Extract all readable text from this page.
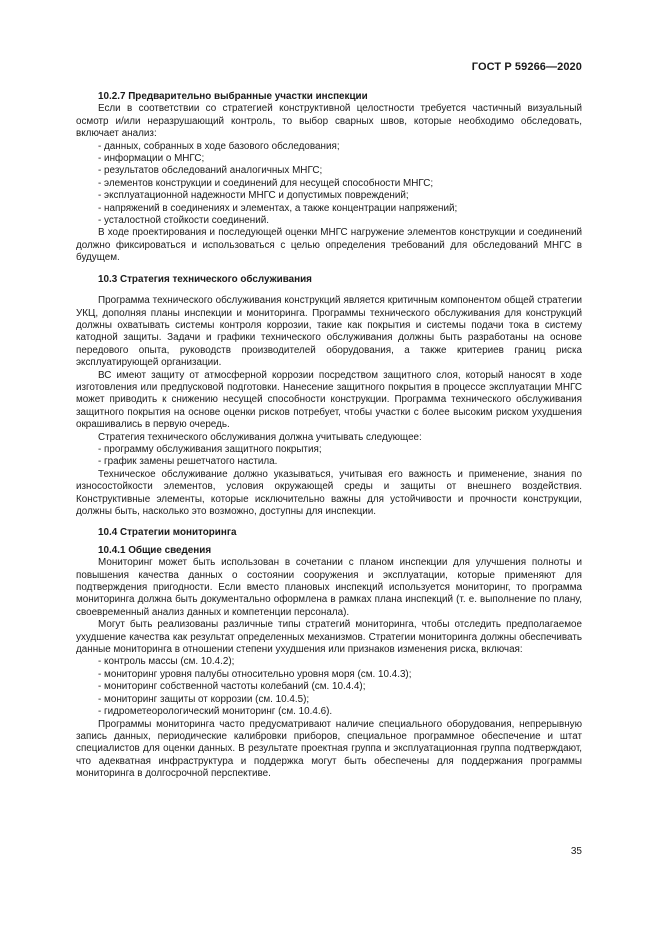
ГОСТ Р 59266—2020
10.2.7 Предварительно выбранные участки инспекции

Если в соответствии со стратегией конструктивной целостности требуется частичный визуальный осмотр и/или неразрушающий контроль, то выбор сварных швов, которые необходимо обследовать, включает анализ:

- данных, собранных в ходе базового обследования;
- информации о МНГС;
- результатов обследований аналогичных МНГС;
- элементов конструкции и соединений для несущей способности МНГС;
- эксплуатационной надежности МНГС и допустимых повреждений;
- напряжений в соединениях и элементах, а также концентрации напряжений;
- усталостной стойкости соединений.

В ходе проектирования и последующей оценки МНГС нагружение элементов конструкции и соединений должно фиксироваться и использоваться с целью определения требований для обследований МНГС в будущем.

10.3 Стратегия технического обслуживания

Программа технического обслуживания конструкций является критичным компонентом общей стратегии УКЦ, дополняя планы инспекции и мониторинга. Программы технического обслуживания для конструкций должны охватывать системы контроля коррозии, такие как покрытия и системы подачи тока в систему катодной защиты. Задачи и графики технического обслуживания должны быть разработаны на основе передового опыта, руководств производителей оборудования, а также критериев границ риска эксплуатирующей организации.

ВС имеют защиту от атмосферной коррозии посредством защитного слоя, который наносят в ходе изготовления или предпусковой подготовки. Нанесение защитного покрытия в процессе эксплуатации МНГС может приводить к снижению несущей способности конструкции. Программа технического обслуживания защитного покрытия на основе оценки рисков потребует, чтобы участки с более высоким риском ухудшения окрашивались в первую очередь.

Стратегия технического обслуживания должна учитывать следующее:

- программу обслуживания защитного покрытия;
- график замены решетчатого настила.

Техническое обслуживание должно указываться, учитывая его важность и применение, знания по износостойкости элементов, условия окружающей среды и защиты от внешнего воздействия. Конструктивные элементы, которые исключительно важны для устойчивости и прочности конструкции, должны быть, насколько это возможно, доступны для инспекции.

10.4 Стратегии мониторинга
10.4.1 Общие сведения

Мониторинг может быть использован в сочетании с планом инспекции для улучшения полноты и повышения качества данных о состоянии сооружения и эксплуатации, которые применяют для подтверждения пригодности. Если вместо плановых инспекций используется мониторинг, то программа мониторинга должна быть документально оформлена в рамках плана инспекций (т. е. выполнение по плану, своевременный анализ данных и компетенции персонала).

Могут быть реализованы различные типы стратегий мониторинга, чтобы отследить предполагаемое ухудшение качества как результат определенных механизмов. Стратегии мониторинга должны обеспечивать данные мониторинга в отношении степени ухудшения или признаков изменения риска, включая:

- контроль массы (см. 10.4.2);
- мониторинг уровня палубы относительно уровня моря (см. 10.4.3);
- мониторинг собственной частоты колебаний (см. 10.4.4);
- мониторинг защиты от коррозии (см. 10.4.5);
- гидрометеорологический мониторинг (см. 10.4.6).

Программы мониторинга часто предусматривают наличие специального оборудования, непрерывную запись данных, периодические калибровки приборов, специальное программное обеспечение и штат специалистов для оценки данных. В результате проектная группа и эксплуатационная группа подтверждают, что адекватная инфраструктура и поддержка могут быть обеспечены для поддержания программы мониторинга в долгосрочной перспективе.

35
